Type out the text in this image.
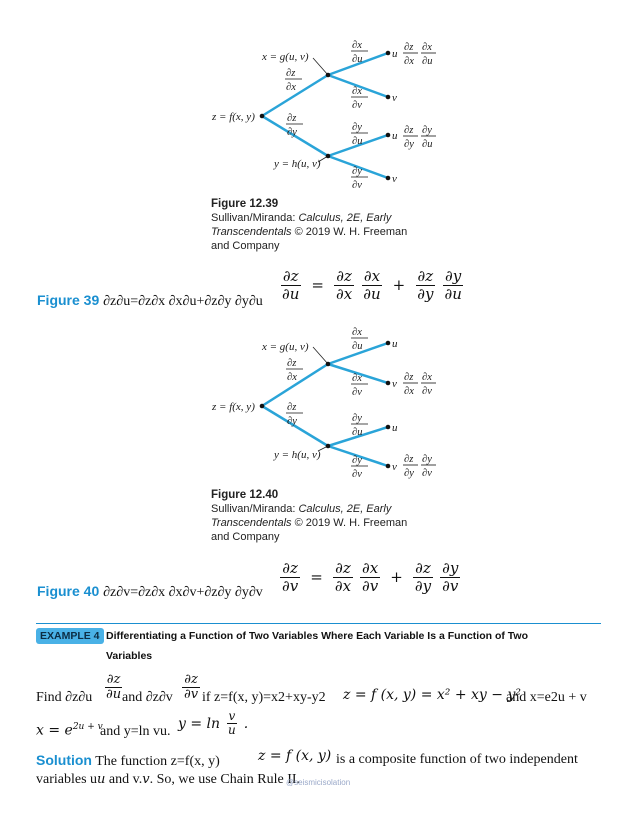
z = f(x, y)
x = g(u, v)
y = h(u, v)
∂z
∂x
∂z
∂y
∂x
∂u
∂x
∂v
∂y
∂u
∂y
∂v
u
v
u
v
∂z
∂x
∂x
∂u
∂z
∂y
∂y
∂u
Figure 12.39
Sullivan/Miranda: Calculus, 2E, Early
Transcendentals © 2019 W. H. Freeman
and Company
$\frac{\partial z}{\partial u} = \frac{\partial z}{\partial x} \frac{\partial x}{\partial u} + \frac{\partial z}{\partial y} \frac{\partial y}{\partial u}$
Figure 39 ∂z∂u=∂z∂x ∂x∂u+∂z∂y ∂y∂u
z = f(x, y)
x = g(u, v)
y = h(u, v)
∂z
∂x
∂z
∂y
∂x
∂u
∂x
∂v
∂y
∂u
∂y
∂v
u
v
u
v
∂z
∂x
∂x
∂v
∂z
∂y
∂y
∂v
Figure 12.40
Sullivan/Miranda: Calculus, 2E, Early
Transcendentals © 2019 W. H. Freeman
and Company
$\frac{\partial z}{\partial v} = \frac{\partial z}{\partial x} \frac{\partial x}{\partial v} + \frac{\partial z}{\partial y} \frac{\partial y}{\partial v}$
Figure 40 ∂z∂v=∂z∂x ∂x∂v+∂z∂y ∂y∂v
EXAMPLE 4 Differentiating a Function of Two Variables Where Each Variable Is a Function of Two
Variables
Find $\partial z\partial u \frac{\partial z}{\partial u}$
and $\partial z\partial v \frac{\partial z}{\partial v}$ if z=f(x, y)=x2+xy-y2 z = f (x, y) = x² + xy − y²
and x=e2u + v
$x = e^{2u + v}$
and y=ln vu. $y = \ln \frac{v}{u}$ .
Solution The function z=f(x, y)	z = f (x, y) is a composite function of two independent
variables uu and v.v. So, we use Chain Rule II.
@seismicisolation
